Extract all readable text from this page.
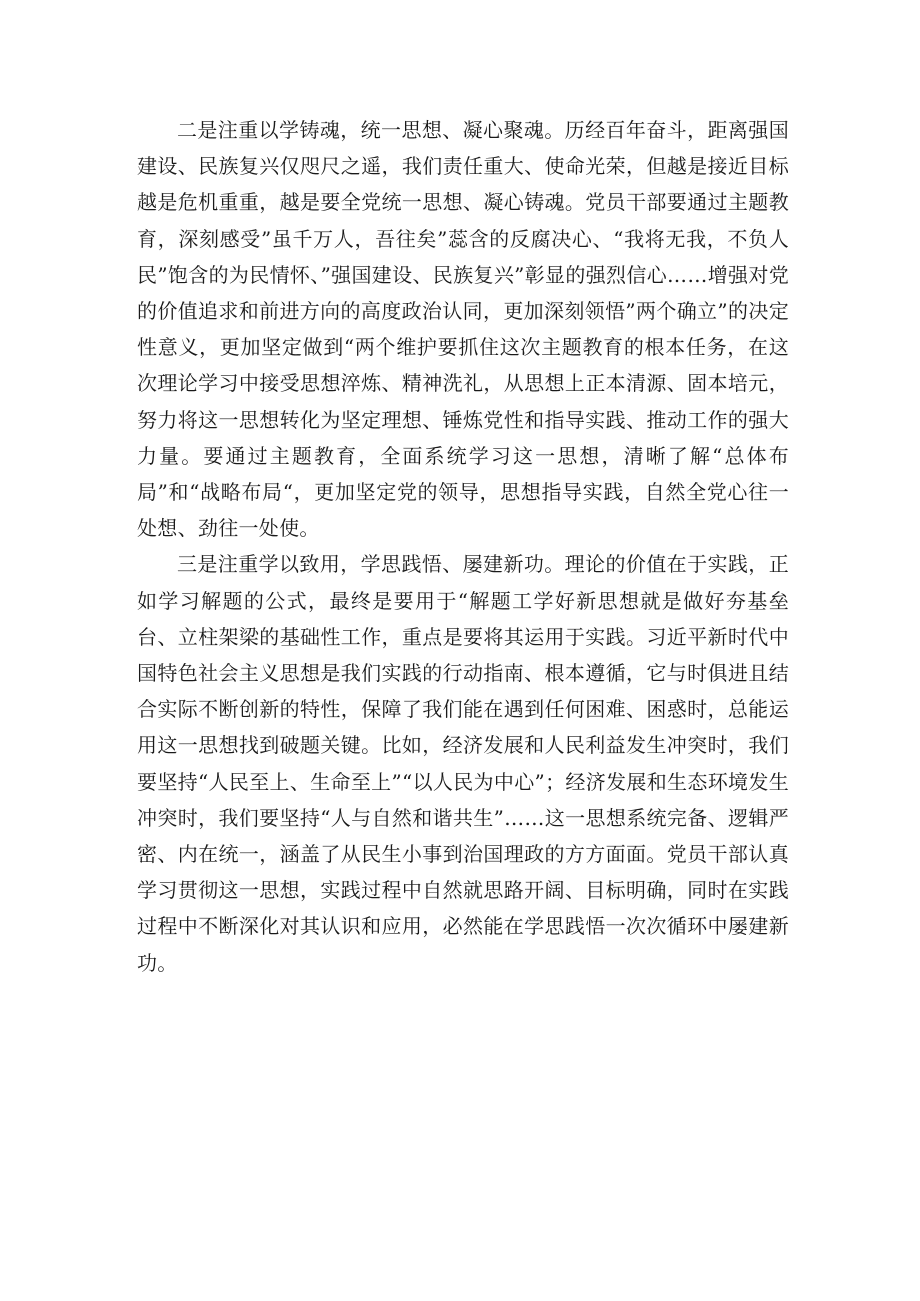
二是注重以学铸魂，统一思想、凝心聚魂。历经百年奋斗，距离强国建设、民族复兴仅咫尺之遥，我们责任重大、使命光荣，但越是接近目标越是危机重重，越是要全党统一思想、凝心铸魂。党员干部要通过主题教育，深刻感受”虽千万人，吾往矣”蕊含的反腐决心、“我将无我，不负人民”饱含的为民情怀、”强国建设、民族复兴”彰显的强烈信心……增强对党的价值追求和前进方向的高度政治认同，更加深刻领悟”两个确立”的决定性意义，更加坚定做到“两个维护要抓住这次主题教育的根本任务，在这次理论学习中接受思想淬炼、精神洗礼，从思想上正本清源、固本培元，努力将这一思想转化为坚定理想、锤炼党性和指导实践、推动工作的强大力量。要通过主题教育，全面系统学习这一思想，清晰了解“总体布局”和“战略布局“，更加坚定党的领导，思想指导实践，自然全党心往一处想、劲往一处使。

三是注重学以致用，学思践悟、屡建新功。理论的价值在于实践，正如学习解题的公式，最终是要用于“解题工学好新思想就是做好夯基垒台、立柱架梁的基础性工作，重点是要将其运用于实践。习近平新时代中国特色社会主义思想是我们实践的行动指南、根本遵循，它与时俱进且结合实际不断创新的特性，保障了我们能在遇到任何困难、困惑时，总能运用这一思想找到破题关键。比如，经济发展和人民利益发生冲突时，我们要坚持“人民至上、生命至上”“以人民为中心”；经济发展和生态环境发生冲突时，我们要坚持“人与自然和谐共生”……这一思想系统完备、逻辑严密、内在统一，涵盖了从民生小事到治国理政的方方面面。党员干部认真学习贯彻这一思想，实践过程中自然就思路开阔、目标明确，同时在实践过程中不断深化对其认识和应用，必然能在学思践悟一次次循环中屡建新功。
